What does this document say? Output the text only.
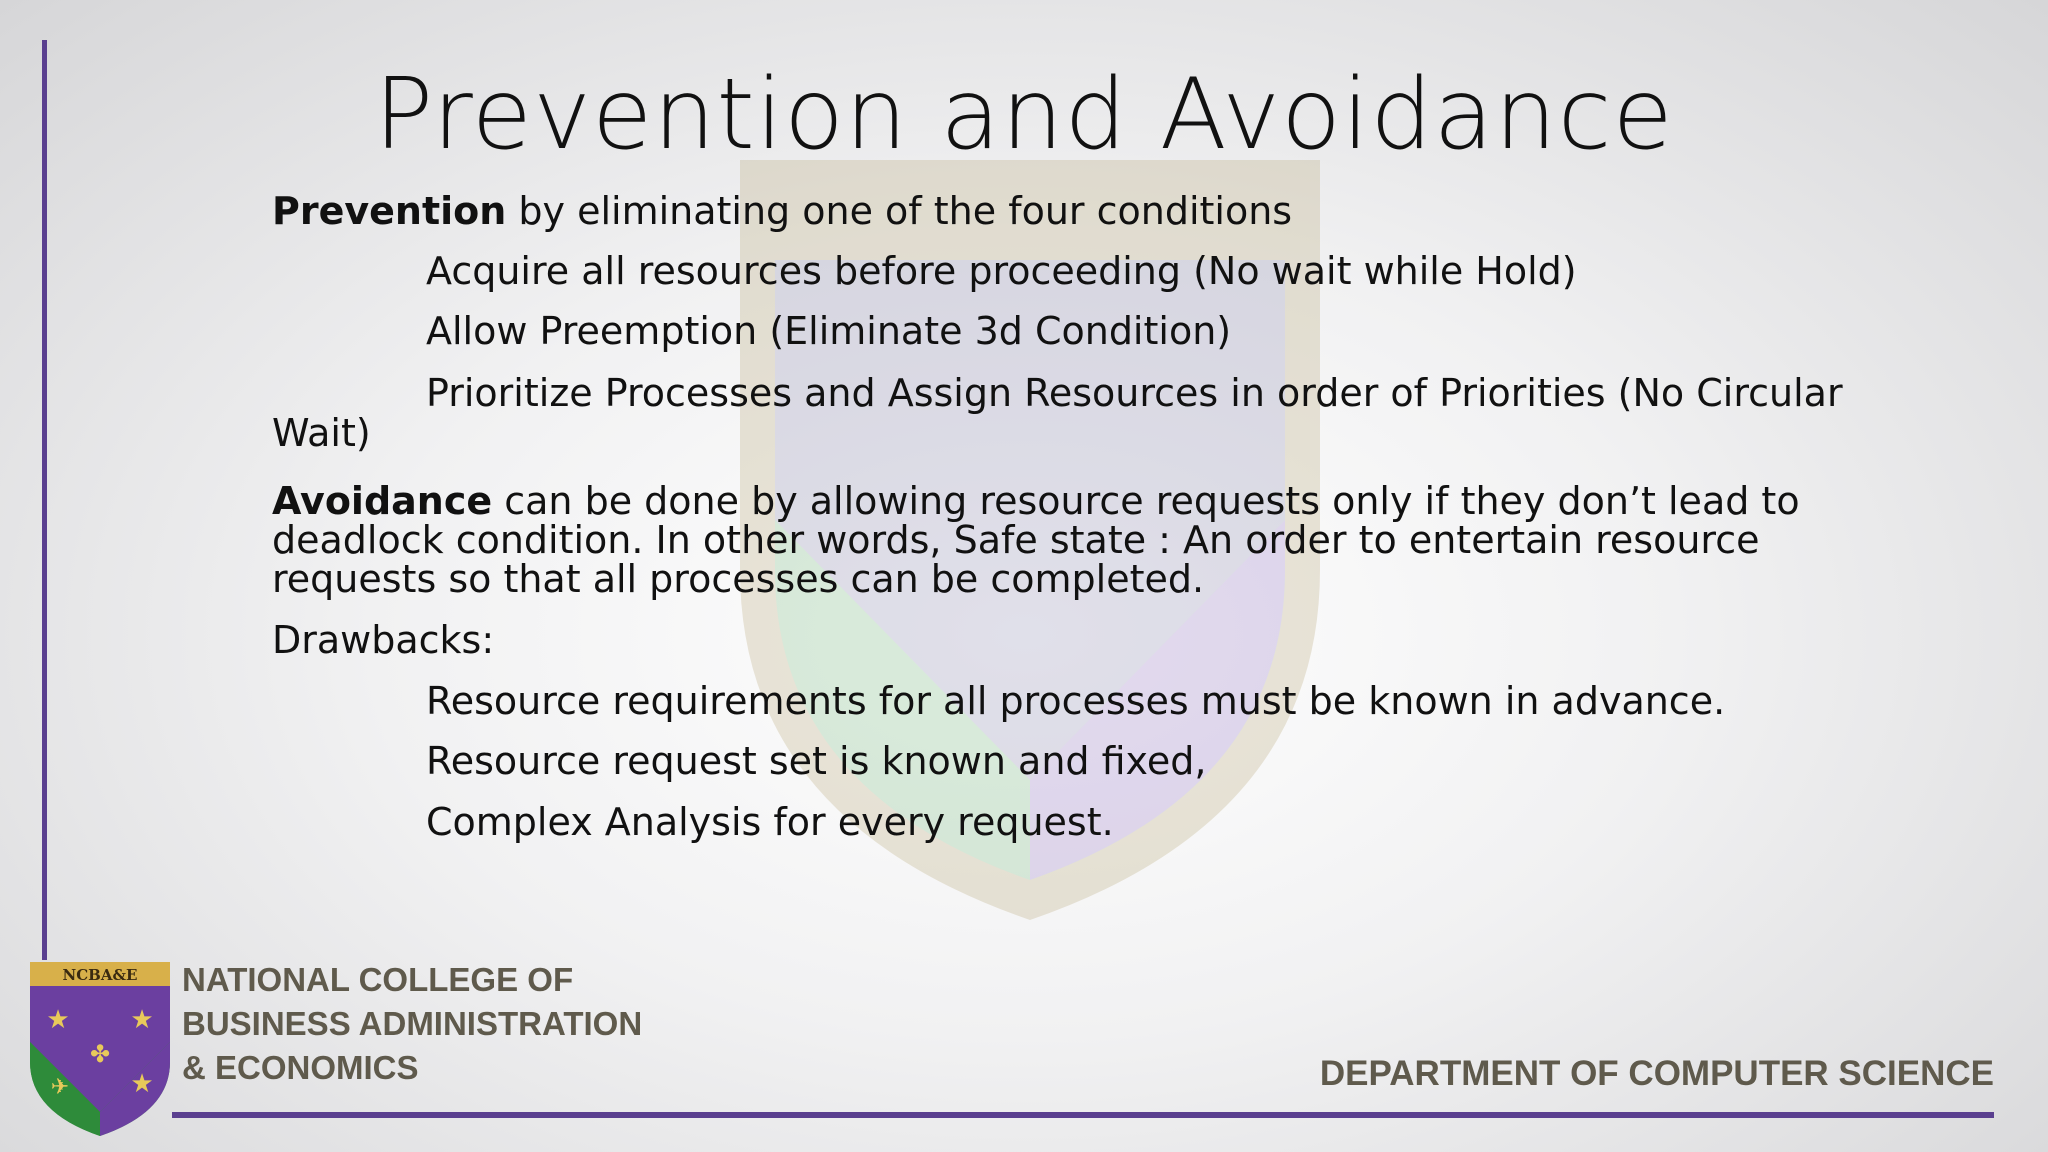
Prevention and Avoidance
Prevention by eliminating one of the four conditions
Acquire all resources before proceeding (No wait while Hold)
Allow Preemption (Eliminate 3d Condition)
Prioritize Processes and Assign Resources in order of Priorities (No Circular
Wait)
Avoidance can be done by allowing resource requests only if they don’t lead to
deadlock condition. In other words, Safe state : An order to entertain resource
requests so that all processes can be completed.
Drawbacks:
Resource requirements for all processes must be known in advance.
Resource request set is known and fixed,
Complex Analysis for every request.
NCBA&E
★ ★
★
✤
✈
NATIONAL COLLEGE OF
BUSINESS ADMINISTRATION
& ECONOMICS	DEPARTMENT OF COMPUTER SCIENCE
